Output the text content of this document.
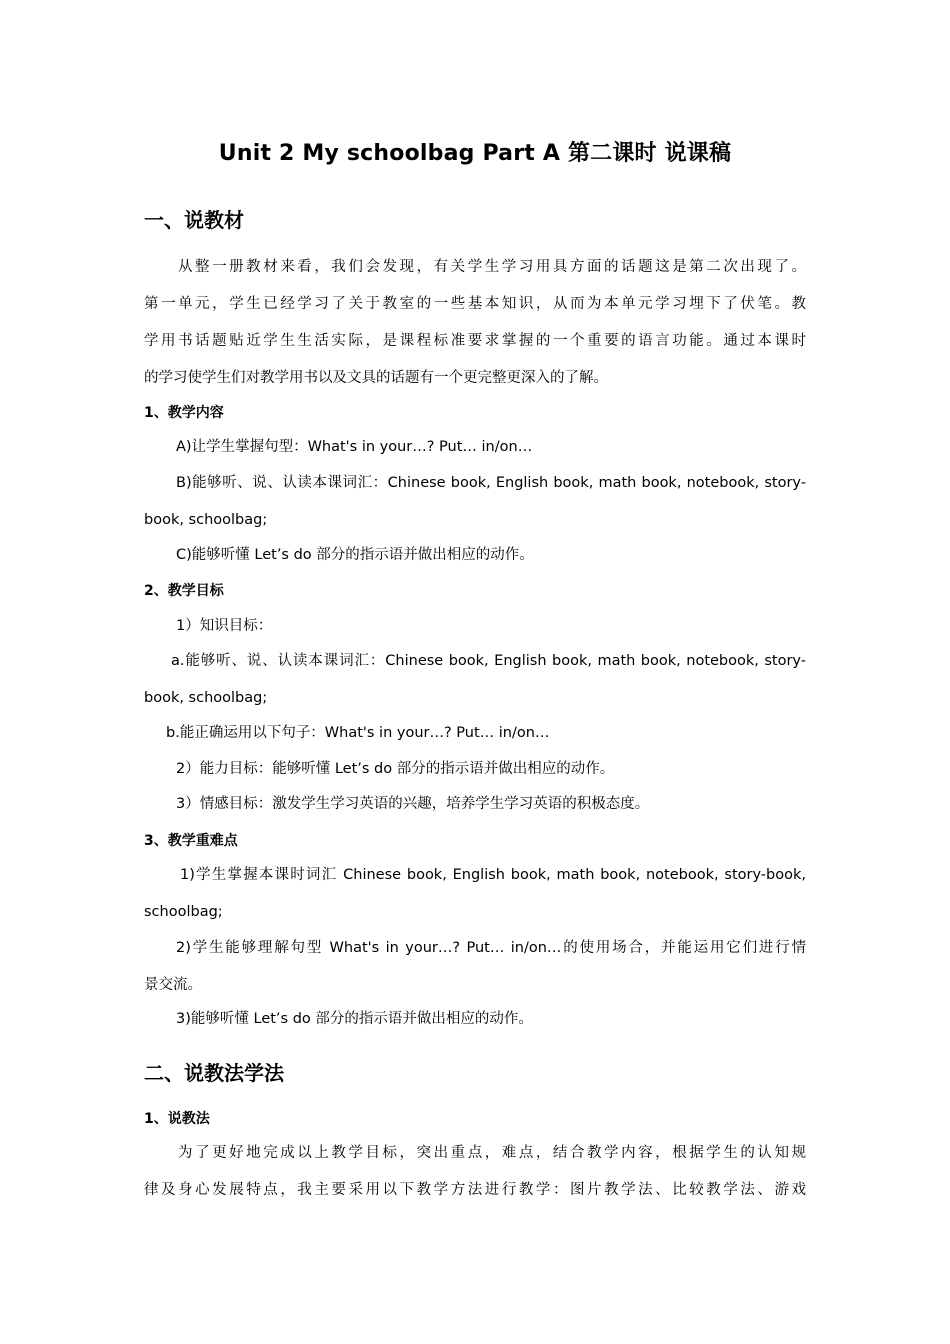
Unit 2 My schoolbag Part A 第二课时 说课稿
一、说教材
从整一册教材来看，我们会发现，有关学生学习用具方面的话题这是第二次出现了。
第一单元，学生已经学习了关于教室的一些基本知识，从而为本单元学习埋下了伏笔。教
学用书话题贴近学生生活实际，是课程标准要求掌握的一个重要的语言功能。通过本课时
的学习使学生们对教学用书以及文具的话题有一个更完整更深入的了解。
1、教学内容
A)让学生掌握句型：What's in your…? Put… in/on…
B)能够听、说、认读本课词汇：Chinese book, English book, math book, notebook, story-
book, schoolbag;
C)能够听懂 Let’s do 部分的指示语并做出相应的动作。
2、教学目标
1）知识目标：
a.能够听、说、认读本课词汇：Chinese book, English book, math book, notebook, story-
book, schoolbag;
b.能正确运用以下句子：What's in your…? Put… in/on…
2）能力目标：能够听懂 Let’s do 部分的指示语并做出相应的动作。
3）情感目标：激发学生学习英语的兴趣，培养学生学习英语的积极态度。
3、教学重难点
1)学生掌握本课时词汇 Chinese book, English book, math book, notebook, story-book,
schoolbag;
2)学生能够理解句型 What's in your…? Put… in/on…的使用场合，并能运用它们进行情
景交流。
3)能够听懂 Let’s do 部分的指示语并做出相应的动作。
二、说教法学法
1、说教法
为了更好地完成以上教学目标，突出重点，难点，结合教学内容，根据学生的认知规
律及身心发展特点，我主要采用以下教学方法进行教学：图片教学法、比较教学法、游戏
